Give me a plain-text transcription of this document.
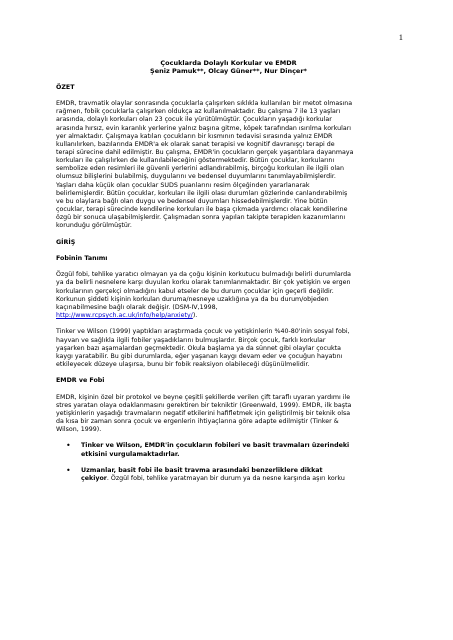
1
Çocuklarda Dolaylı Korkular ve EMDR
Şeniz Pamuk**, Olcay Güner**, Nur Dinçer*
ÖZET

EMDR, travmatik olaylar sonrasında çocuklarla çalışırken sıklıkla kullanılan bir metot olmasına

rağmen, fobik çocuklarla çalışırken oldukça az kullanılmaktadır. Bu çalışma 7 ile 13 yaşları

arasında, dolaylı korkuları olan 23 çocuk ile yürütülmüştür. Çocukların yaşadığı korkular

arasında hırsız, evin karanlık yerlerine yalnız başına gitme, köpek tarafından ısırılma korkuları

yer almaktadır. Çalışmaya katılan çocukların bir kısmının tedavisi sırasında yalnız EMDR

kullanılırken, bazılarında EMDR'a ek olarak sanat terapisi ve kognitif davranışçı terapi de

terapi sürecine dahil edilmiştir. Bu çalışma, EMDR'in çocukların gerçek yaşantılara dayanmaya

korkuları ile çalışılırken de kullanılabileceğini göstermektedir. Bütün çocuklar, korkularını

sembolize eden resimleri ile güvenli yerlerini adlandırabilmiş, birçoğu korkuları ile ilgili olan

olumsuz bilişlerini bulabilmiş, duygularını ve bedensel duyumlarını tanımlayabilmişlerdir.

Yaşları daha küçük olan çocuklar SUDS puanlarını resim ölçeğinden yararlanarak

belirlemişlerdir. Bütün çocuklar, korkuları ile ilgili olası durumları gözlerinde canlandırabilmiş

ve bu olaylara bağlı olan duygu ve bedensel duyumları hissedebilmişlerdir. Yine bütün

çocuklar, terapi sürecinde kendilerine korkuları ile başa çıkmada yardımcı olacak kendilerine

özgü bir sonuca ulaşabilmişlerdir. Çalışmadan sonra yapılan takipte terapiden kazanımlarını

korunduğu görülmüştür.

GİRİŞ
Fobinin Tanımı

Özgül fobi, tehlike yaratıcı olmayan ya da çoğu kişinin korkutucu bulmadığı belirli durumlarda

ya da belirli nesnelere karşı duyulan korku olarak tanımlanmaktadır. Bir çok yetişkin ve ergen

korkularının gerçekçi olmadığını kabul etseler de bu durum çocuklar için geçerli değildir.

Korkunun şiddeti kişinin korkulan duruma/nesneye uzaklığına ya da bu durum/objeden

kaçınabilmesine bağlı olarak değişir. (DSM-IV,1998,

http://www.rcpsych.ac.uk/info/help/anxiety/).

Tinker ve Wilson (1999) yaptıkları araştırmada çocuk ve yetişkinlerin %40-80'inin sosyal fobi,

hayvan ve sağlıkla ilgili fobiler yaşadıklarını bulmuşlardır. Birçok çocuk, farklı korkular

yaşarken bazı aşamalardan geçmektedir. Okula başlama ya da sünnet gibi olaylar çocukta

kaygı yaratabilir. Bu gibi durumlarda, eğer yaşanan kaygı devam eder ve çocuğun hayatını

etkileyecek düzeye ulaşırsa, bunu bir fobik reaksiyon olabileceği düşünülmelidir.

EMDR ve Fobi

EMDR, kişinin özel bir protokol ve beyne çeşitli şekillerde verilen çift taraflı uyaran yardımı ile

stres yaratan olaya odaklanmasını gerektiren bir tekniktir (Greenwald, 1999). EMDR, ilk başta

yetişkinlerin yaşadığı travmaların negatif etkilerini hafifletmek için geliştirilmiş bir teknik olsa

da kısa bir zaman sonra çocuk ve ergenlerin ihtiyaçlarına göre adapte edilmiştir (Tinker &

Wilson, 1999).

• Tinker ve Wilson, EMDR'in çocukların fobileri ve basit travmaları üzerindeki

etkisini vurgulamaktadırlar.

• Uzmanlar, basit fobi ile basit travma arasındaki benzerliklere dikkat

çekiyor. Özgül fobi, tehlike yaratmayan bir durum ya da nesne karşında aşırı korku
